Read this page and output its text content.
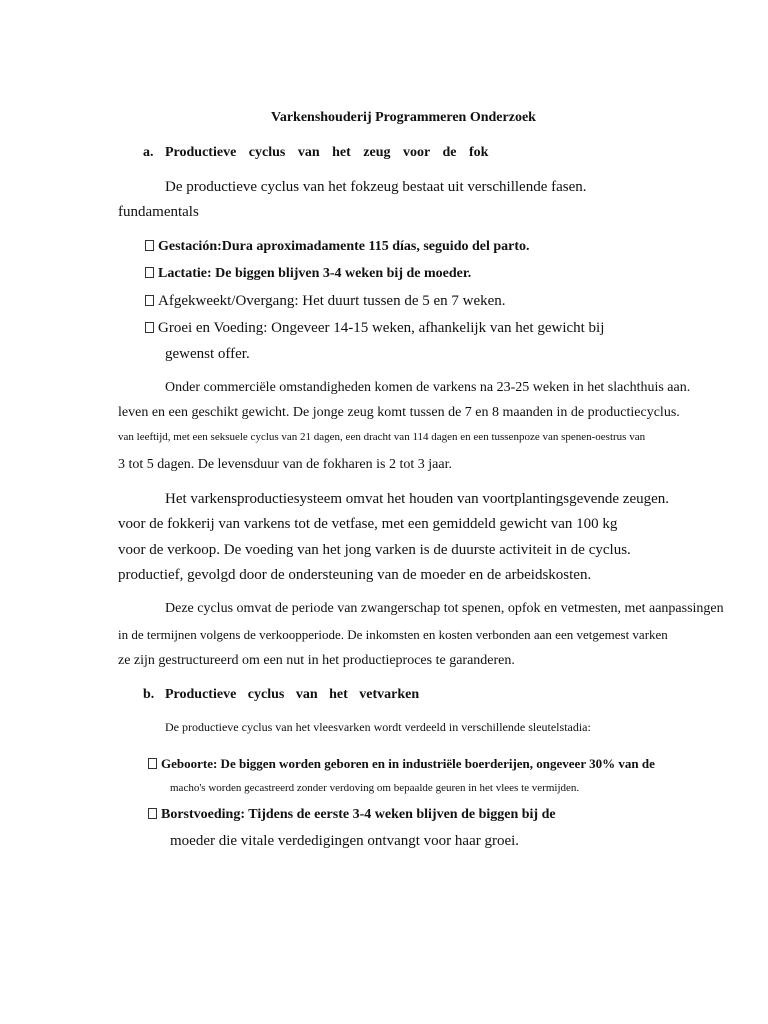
Varkenshouderij Programmeren Onderzoek
a. Productieve cyclus van het zeug voor de fok
De productieve cyclus van het fokzeug bestaat uit verschillende fasen.
fundamentals
Gestación:Dura aproximadamente 115 días, seguido del parto.
Lactatie: De biggen blijven 3-4 weken bij de moeder.
Afgekweekt/Overgang: Het duurt tussen de 5 en 7 weken.
Groei en Voeding: Ongeveer 14-15 weken, afhankelijk van het gewicht bij
gewenst offer.
Onder commerciële omstandigheden komen de varkens na 23-25 weken in het slachthuis aan.
leven en een geschikt gewicht. De jonge zeug komt tussen de 7 en 8 maanden in de productiecyclus.
van leeftijd, met een seksuele cyclus van 21 dagen, een dracht van 114 dagen en een tussenpoze van spenen-oestrus van
3 tot 5 dagen. De levensduur van de fokharen is 2 tot 3 jaar.
Het varkensproductiesysteem omvat het houden van voortplantingsgevende zeugen.
voor de fokkerij van varkens tot de vetfase, met een gemiddeld gewicht van 100 kg
voor de verkoop. De voeding van het jong varken is de duurste activiteit in de cyclus.
productief, gevolgd door de ondersteuning van de moeder en de arbeidskosten.
Deze cyclus omvat de periode van zwangerschap tot spenen, opfok en vetmesten, met aanpassingen
in de termijnen volgens de verkoopperiode. De inkomsten en kosten verbonden aan een vetgemest varken
ze zijn gestructureerd om een nut in het productieproces te garanderen.
b. Productieve cyclus van het vetvarken
De productieve cyclus van het vleesvarken wordt verdeeld in verschillende sleutelstadia:
Geboorte: De biggen worden geboren en in industriële boerderijen, ongeveer 30% van de
macho's worden gecastreerd zonder verdoving om bepaalde geuren in het vlees te vermijden.
Borstvoeding: Tijdens de eerste 3-4 weken blijven de biggen bij de
moeder die vitale verdedigingen ontvangt voor haar groei.
